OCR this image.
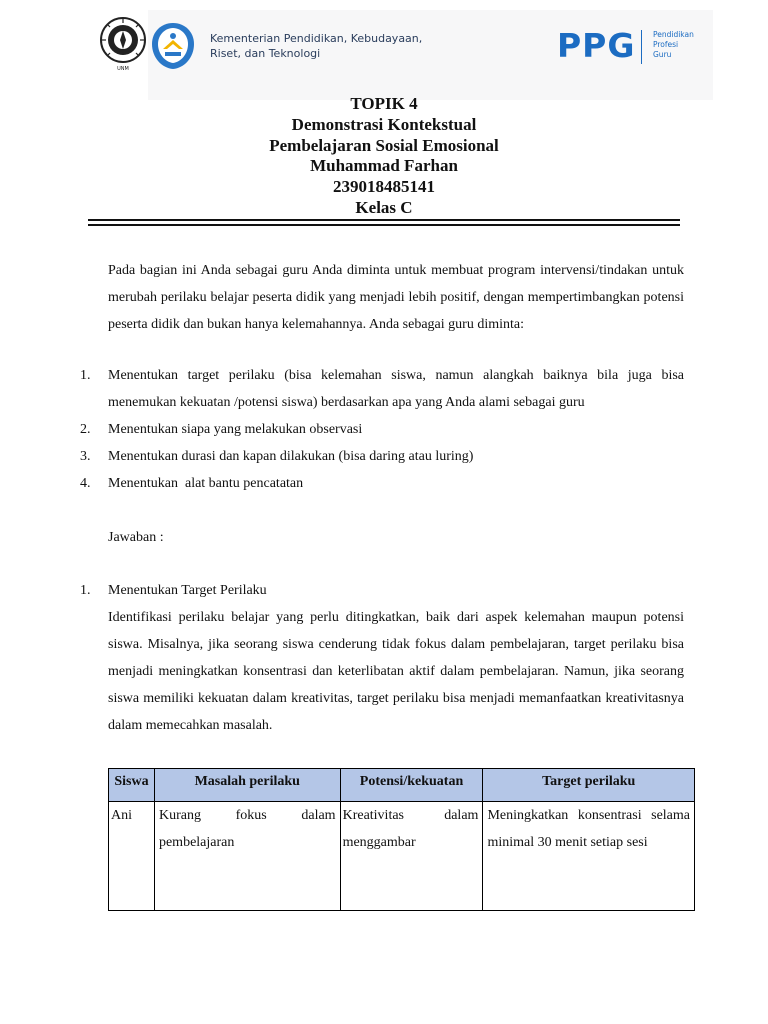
UNM
Kementerian Pendidikan, Kebudayaan,
Riset, dan Teknologi	PPG Pendidikan
Profesi
Guru
TOPIK 4
Demonstrasi Kontekstual
Pembelajaran Sosial Emosional
Muhammad Farhan
239018485141
Kelas C
Pada bagian ini Anda sebagai guru Anda diminta untuk membuat program intervensi/tindakan untuk merubah perilaku belajar peserta didik yang menjadi lebih positif, dengan mempertimbangkan potensi peserta didik dan bukan hanya kelemahannya. Anda sebagai guru diminta:
1.	Menentukan target perilaku (bisa kelemahan siswa, namun alangkah baiknya bila juga bisa menemukan kekuatan /potensi siswa) berdasarkan apa yang Anda alami sebagai guru
2.	Menentukan siapa yang melakukan observasi
3.	Menentukan durasi dan kapan dilakukan (bisa daring atau luring)
4.	Menentukan  alat bantu pencatatan
Jawaban :
1.	Menentukan Target Perilaku
Identifikasi perilaku belajar yang perlu ditingkatkan, baik dari aspek kelemahan maupun potensi siswa. Misalnya, jika seorang siswa cenderung tidak fokus dalam pembelajaran, target perilaku bisa menjadi meningkatkan konsentrasi dan keterlibatan aktif dalam pembelajaran. Namun, jika seorang siswa memiliki kekuatan dalam kreativitas, target perilaku bisa menjadi memanfaatkan kreativitasnya dalam memecahkan masalah.
Siswa	Masalah perilaku	Potensi/kekuatan	Target perilaku
Ani	Kurang fokus dalam pembelajaran	Kreativitas dalam menggambar	Meningkatkan konsentrasi selama minimal 30 menit setiap sesi
